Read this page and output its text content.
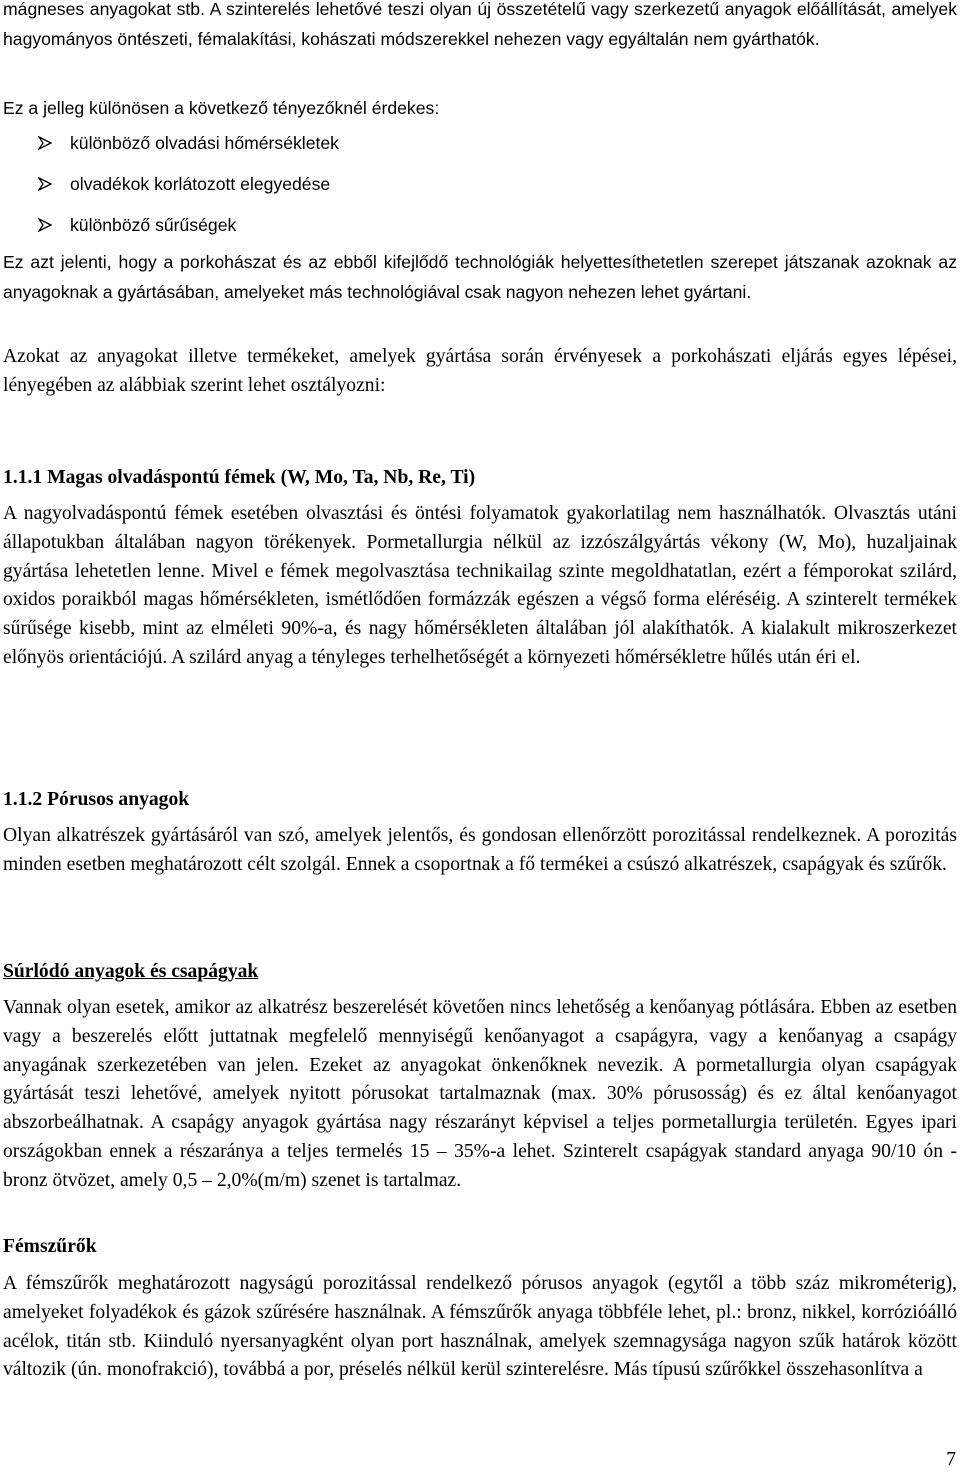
mágneses anyagokat stb. A szinterelés lehetővé teszi olyan új összetételű vagy szerkezetű anyagok előállítását, amelyek hagyományos öntészeti, fémalakítási, kohászati módszerekkel nehezen vagy egyáltalán nem gyárthatók.

Ez a jelleg különösen a következő tényezőknél érdekes:

különböző olvadási hőmérsékletek
olvadékok korlátozott elegyedése
különböző sűrűségek

Ez azt jelenti, hogy a porkohászat és az ebből kifejlődő technológiák helyettesíthetetlen szerepet játszanak azoknak az anyagoknak a gyártásában, amelyeket más technológiával csak nagyon nehezen lehet gyártani.

Azokat az anyagokat illetve termékeket, amelyek gyártása során érvényesek a porkohászati eljárás egyes lépései, lényegében az alábbiak szerint lehet osztályozni:

1.1.1 Magas olvadáspontú fémek (W, Mo, Ta, Nb, Re, Ti)

A nagyolvadáspontú fémek esetében olvasztási és öntési folyamatok gyakorlatilag nem használhatók. Olvasztás utáni állapotukban általában nagyon törékenyek. Pormetallurgia nélkül az izzószálgyártás vékony (W, Mo), huzaljainak gyártása lehetetlen lenne. Mivel e fémek megolvasztása technikailag szinte megoldhatatlan, ezért a fémporokat szilárd, oxidos poraikból magas hőmérsékleten, ismétlődően formázzák egészen a végső forma eléréséig. A szinterelt termékek sűrűsége kisebb, mint az elméleti 90%-a, és nagy hőmérsékleten általában jól alakíthatók. A kialakult mikroszerkezet előnyös orientációjú. A szilárd anyag a tényleges terhelhetőségét a környezeti hőmérsékletre hűlés után éri el.

1.1.2 Pórusos anyagok

Olyan alkatrészek gyártásáról van szó, amelyek jelentős, és gondosan ellenőrzött porozitással rendelkeznek. A porozitás minden esetben meghatározott célt szolgál. Ennek a csoportnak a fő termékei a csúszó alkatrészek, csapágyak és szűrők.

Súrlódó anyagok és csapágyak

Vannak olyan esetek, amikor az alkatrész beszerelését követően nincs lehetőség a kenőanyag pótlására. Ebben az esetben vagy a beszerelés előtt juttatnak megfelelő mennyiségű kenőanyagot a csapágyra, vagy a kenőanyag a csapágy anyagának szerkezetében van jelen. Ezeket az anyagokat önkenőknek nevezik. A pormetallurgia olyan csapágyak gyártását teszi lehetővé, amelyek nyitott pórusokat tartalmaznak (max. 30% pórusosság) és ez által kenőanyagot abszorbeálhatnak. A csapágy anyagok gyártása nagy részarányt képvisel a teljes pormetallurgia területén. Egyes ipari országokban ennek a részaránya a teljes termelés 15 – 35%-a lehet. Szinterelt csapágyak standard anyaga 90/10 ón - bronz ötvözet, amely 0,5 – 2,0%(m/m) szenet is tartalmaz.

Fémszűrők

A fémszűrők meghatározott nagyságú porozitással rendelkező pórusos anyagok (egytől a több száz mikrométerig), amelyeket folyadékok és gázok szűrésére használnak. A fémszűrők anyaga többféle lehet, pl.: bronz, nikkel, korrózióálló acélok, titán stb. Kiinduló nyersanyagként olyan port használnak, amelyek szemnagysága nagyon szűk határok között változik (ún. monofrakció), továbbá a por, préselés nélkül kerül szinterelésre. Más típusú szűrőkkel összehasonlítva a

7
